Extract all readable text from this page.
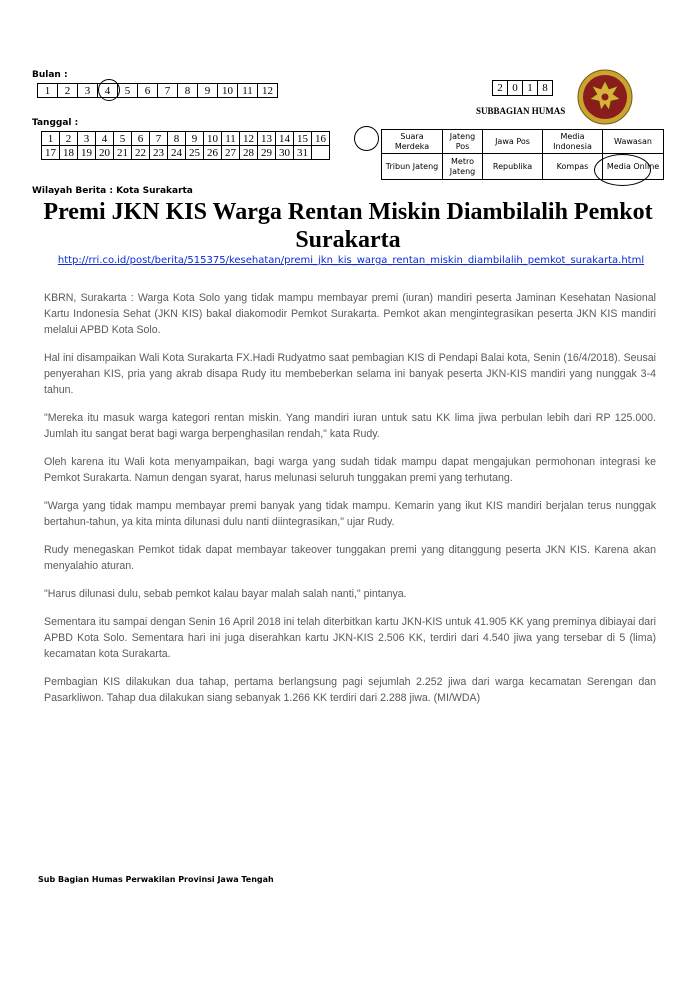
Bulan :
1	2	3	4	5	6	7	8	9	10	11	12
Tanggal :
1	2	3	4	5	6	7	8	9	10	11	12	13	14	15	16
17	18	19	20	21	22	23	24	25	26	27	28	29	30	31	
2	0	1	8
SUBBAGIAN HUMAS
Suara Merdeka	Jateng Pos	Jawa Pos	Media Indonesia	Wawasan
Tribun Jateng	Metro Jateng	Republika	Kompas	Media Online
Wilayah Berita : Kota Surakarta
Premi JKN KIS Warga Rentan Miskin Diambilalih Pemkot Surakarta
http://rri.co.id/post/berita/515375/kesehatan/premi_jkn_kis_warga_rentan_miskin_diambilalih_pemkot_surakarta.html

KBRN, Surakarta : Warga Kota Solo yang tidak mampu membayar premi (iuran) mandiri peserta Jaminan Kesehatan Nasional Kartu Indonesia Sehat (JKN KIS) bakal diakomodir Pemkot Surakarta. Pemkot akan mengintegrasikan peserta JKN KIS mandiri melalui APBD Kota Solo.

Hal ini disampaikan Wali Kota Surakarta FX.Hadi Rudyatmo saat pembagian KIS di Pendapi Balai kota, Senin (16/4/2018). Seusai penyerahan KIS, pria yang akrab disapa Rudy itu membeberkan selama ini banyak peserta JKN-KIS mandiri yang nunggak 3-4 tahun.

"Mereka itu masuk warga kategori rentan miskin. Yang mandiri iuran untuk satu KK lima jiwa perbulan lebih dari RP 125.000. Jumlah itu sangat berat bagi warga berpenghasilan rendah," kata Rudy.

Oleh karena itu Wali kota menyampaikan, bagi warga yang sudah tidak mampu dapat mengajukan permohonan integrasi ke Pemkot Surakarta. Namun dengan syarat, harus melunasi seluruh tunggakan premi yang terhutang.

"Warga yang tidak mampu membayar premi banyak yang tidak mampu. Kemarin yang ikut KIS mandiri berjalan terus nunggak bertahun-tahun, ya kita minta dilunasi dulu nanti diintegrasikan," ujar Rudy.

Rudy menegaskan Pemkot tidak dapat membayar takeover tunggakan premi yang ditanggung peserta JKN KIS. Karena akan menyalahio aturan.

"Harus dilunasi dulu, sebab pemkot kalau bayar malah salah nanti," pintanya.

Sementara itu sampai dengan Senin 16 April 2018 ini telah diterbitkan kartu JKN-KIS untuk 41.905 KK yang preminya dibiayai dari APBD Kota Solo. Sementara hari ini juga diserahkan kartu JKN-KIS 2.506 KK, terdiri dari 4.540 jiwa yang tersebar di 5 (lima) kecamatan kota Surakarta.

Pembagian KIS dilakukan dua tahap, pertama berlangsung pagi sejumlah 2.252 jiwa dari warga kecamatan Serengan dan Pasarkliwon. Tahap dua dilakukan siang sebanyak 1.266 KK terdiri dari 2.288 jiwa. (MI/WDA)

Sub Bagian Humas Perwakilan Provinsi Jawa Tengah
